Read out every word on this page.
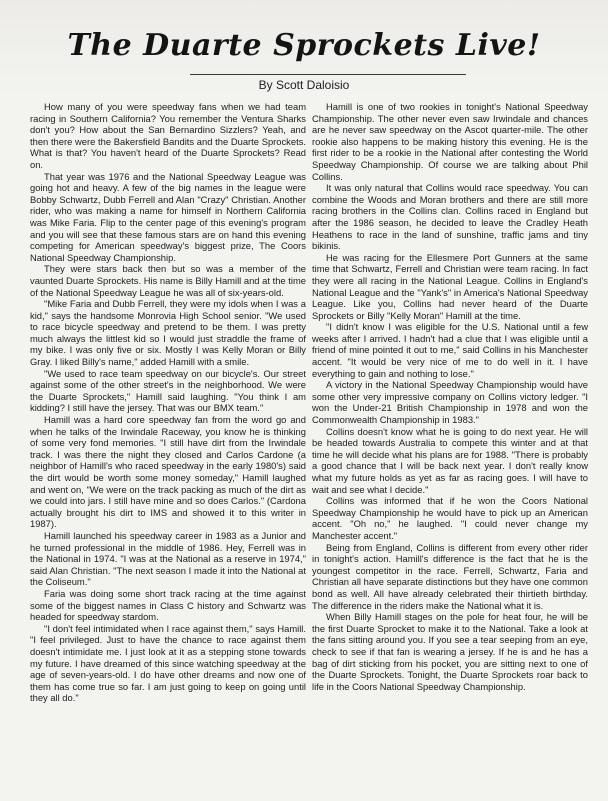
The Duarte Sprockets Live!
By Scott Daloisio

How many of you were speedway fans when we had team racing in Southern California? You remember the Ventura Sharks don't you? How about the San Bernardino Sizzlers? Yeah, and then there were the Bakersfield Bandits and the Duarte Sprockets. What is that? You haven't heard of the Duarte Sprockets? Read on.

That year was 1976 and the National Speedway League was going hot and heavy. A few of the big names in the league were Bobby Schwartz, Dubb Ferrell and Alan "Crazy" Christian. Another rider, who was making a name for himself in Northern California was Mike Faria. Flip to the center page of this evening's program and you will see that these famous stars are on hand this evening competing for American speedway's biggest prize, The Coors National Speedway Championship.

They were stars back then but so was a member of the vaunted Duarte Sprockets. His name is Billy Hamill and at the time of the National Speedway League he was all of six-years-old.

"Mike Faria and Dubb Ferrell, they were my idols when I was a kid," says the handsome Monrovia High School senior. "We used to race bicycle speedway and pretend to be them. I was pretty much always the littlest kid so I would just straddle the frame of my bike. I was only five or six. Mostly I was Kelly Moran or Billy Gray. I liked Billy's name," added Hamill with a smile.

"We used to race team speedway on our bicycle's. Our street against some of the other street's in the neighborhood. We were the Duarte Sprockets," Hamill said laughing. "You think I am kidding? I still have the jersey. That was our BMX team."

Hamill was a hard core speedway fan from the word go and when he talks of the Irwindale Raceway, you know he is thinking of some very fond memories. "I still have dirt from the Irwindale track. I was there the night they closed and Carlos Cardone (a neighbor of Hamill's who raced speedway in the early 1980's) said the dirt would be worth some money someday," Hamill laughed and went on, "We were on the track packing as much of the dirt as we could into jars. I still have mine and so does Carlos." (Cardona actually brought his dirt to IMS and showed it to this writer in 1987).

Hamill launched his speedway career in 1983 as a Junior and he turned professional in the middle of 1986. Hey, Ferrell was in the National in 1974. "I was at the National as a reserve in 1974," said Alan Christian. "The next season I made it into the National at the Coliseum."

Faria was doing some short track racing at the time against some of the biggest names in Class C history and Schwartz was headed for speedway stardom.

"I don't feel intimidated when I race against them," says Hamill. "I feel privileged. Just to have the chance to race against them doesn't intimidate me. I just look at it as a stepping stone towards my future. I have dreamed of this since watching speedway at the age of seven-years-old. I do have other dreams and now one of them has come true so far. I am just going to keep on going until they all do."

Hamill is one of two rookies in tonight's National Speedway Championship. The other never even saw Irwindale and chances are he never saw speedway on the Ascot quarter-mile. The other rookie also happens to be making history this evening. He is the first rider to be a rookie in the National after contesting the World Speedway Championship. Of course we are talking about Phil Collins.

It was only natural that Collins would race speedway. You can combine the Woods and Moran brothers and there are still more racing brothers in the Collins clan. Collins raced in England but after the 1986 season, he decided to leave the Cradley Heath Heathens to race in the land of sunshine, traffic jams and tiny bikinis.

He was racing for the Ellesmere Port Gunners at the same time that Schwartz, Ferrell and Christian were team racing. In fact they were all racing in the National League. Collins in England's National League and the "Yank's" in America's National Speedway League. Like you, Collins had never heard of the Duarte Sprockets or Billy "Kelly Moran" Hamill at the time.

"I didn't know I was eligible for the U.S. National until a few weeks after I arrived. I hadn't had a clue that I was eligible until a friend of mine pointed it out to me," said Collins in his Manchester accent. "It would be very nice of me to do well in it. I have everything to gain and nothing to lose."

A victory in the National Speedway Championship would have some other very impressive company on Collins victory ledger. "I won the Under-21 British Championship in 1978 and won the Commonwealth Championship in 1983."

Collins doesn't know what he is going to do next year. He will be headed towards Australia to compete this winter and at that time he will decide what his plans are for 1988. "There is probably a good chance that I will be back next year. I don't really know what my future holds as yet as far as racing goes. I will have to wait and see what I decide."

Collins was informed that if he won the Coors National Speedway Championship he would have to pick up an American accent. "Oh no," he laughed. "I could never change my Manchester accent."

Being from England, Collins is different from every other rider in tonight's action. Hamill's difference is the fact that he is the youngest competitor in the race. Ferrell, Schwartz, Faria and Christian all have separate distinctions but they have one common bond as well. All have already celebrated their thirtieth birthday. The difference in the riders make the National what it is.

When Billy Hamill stages on the pole for heat four, he will be the first Duarte Sprocket to make it to the National. Take a look at the fans sitting around you. If you see a tear seeping from an eye, check to see if that fan is wearing a jersey. If he is and he has a bag of dirt sticking from his pocket, you are sitting next to one of the Duarte Sprockets. Tonight, the Duarte Sprockets roar back to life in the Coors National Speedway Championship.
